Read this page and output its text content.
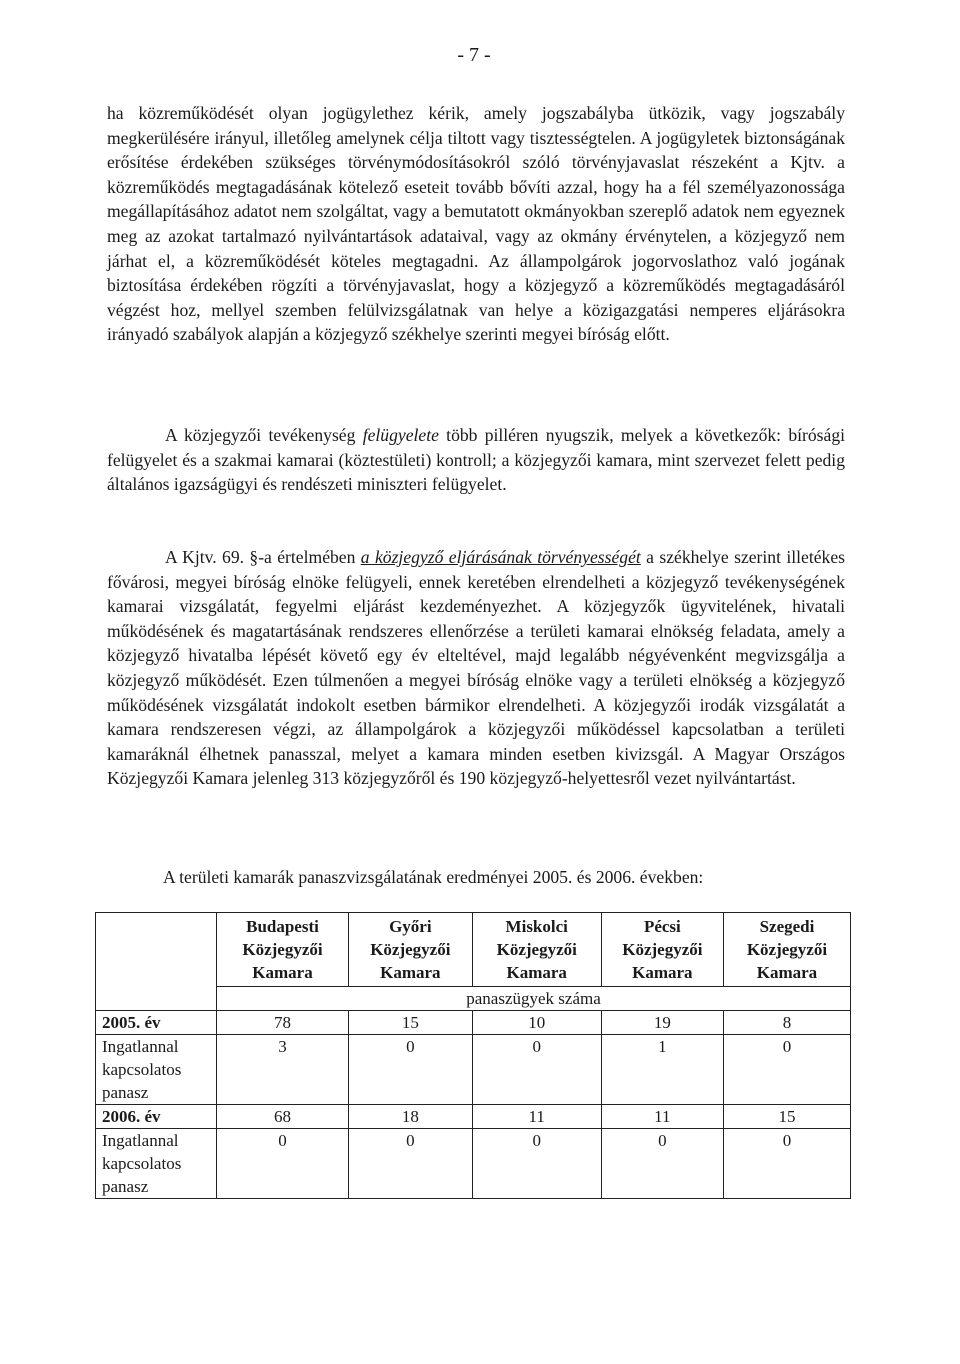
- 7 -

ha közreműködését olyan jogügylethez kérik, amely jogszabályba ütközik, vagy jogszabály megkerülésére irányul, illetőleg amelynek célja tiltott vagy tisztességtelen. A jogügyletek biztonságának erősítése érdekében szükséges törvénymódosításokról szóló törvényjavaslat részeként a Kjtv. a közreműködés megtagadásának kötelező eseteit tovább bővíti azzal, hogy ha a fél személyazonossága megállapításához adatot nem szolgáltat, vagy a bemutatott okmányokban szereplő adatok nem egyeznek meg az azokat tartalmazó nyilvántartások adataival, vagy az okmány érvénytelen, a közjegyző nem járhat el, a közreműködését köteles megtagadni. Az állampolgárok jogorvoslathoz való jogának biztosítása érdekében rögzíti a törvényjavaslat, hogy a közjegyző a közreműködés megtagadásáról végzést hoz, mellyel szemben felülvizsgálatnak van helye a közigazgatási nemperes eljárásokra irányadó szabályok alapján a közjegyző székhelye szerinti megyei bíróság előtt.

A közjegyzői tevékenység felügyelete több pilléren nyugszik, melyek a következők: bírósági felügyelet és a szakmai kamarai (köztestületi) kontroll; a közjegyzői kamara, mint szervezet felett pedig általános igazságügyi és rendészeti miniszteri felügyelet.

A Kjtv. 69. §-a értelmében a közjegyző eljárásának törvényességét a székhelye szerint illetékes fővárosi, megyei bíróság elnöke felügyeli, ennek keretében elrendelheti a közjegyző tevékenységének kamarai vizsgálatát, fegyelmi eljárást kezdeményezhet. A közjegyzők ügyvitelének, hivatali működésének és magatartásának rendszeres ellenőrzése a területi kamarai elnökség feladata, amely a közjegyző hivatalba lépését követő egy év elteltével, majd legalább négyévenként megvizsgálja a közjegyző működését. Ezen túlmenően a megyei bíróság elnöke vagy a területi elnökség a közjegyző működésének vizsgálatát indokolt esetben bármikor elrendelheti. A közjegyzői irodák vizsgálatát a kamara rendszeresen végzi, az állampolgárok a közjegyzői működéssel kapcsolatban a területi kamaráknál élhetnek panasszal, melyet a kamara minden esetben kivizsgál. A Magyar Országos Közjegyzői Kamara jelenleg 313 közjegyzőről és 190 közjegyző-helyettesről vezet nyilvántartást.

A területi kamarák panaszvizsgálatának eredményei 2005. és 2006. években:

	Budapesti Közjegyzői Kamara	Győri Közjegyzői Kamara	Miskolci Közjegyzői Kamara	Pécsi Közjegyzői Kamara	Szegedi Közjegyzői Kamara
	panaszügyek száma				
2005. év	78	15	10	19	8
Ingatlannal kapcsolatos panasz	3	0	0	1	0
2006. év	68	18	11	11	15
Ingatlannal kapcsolatos panasz	0	0	0	0	0
